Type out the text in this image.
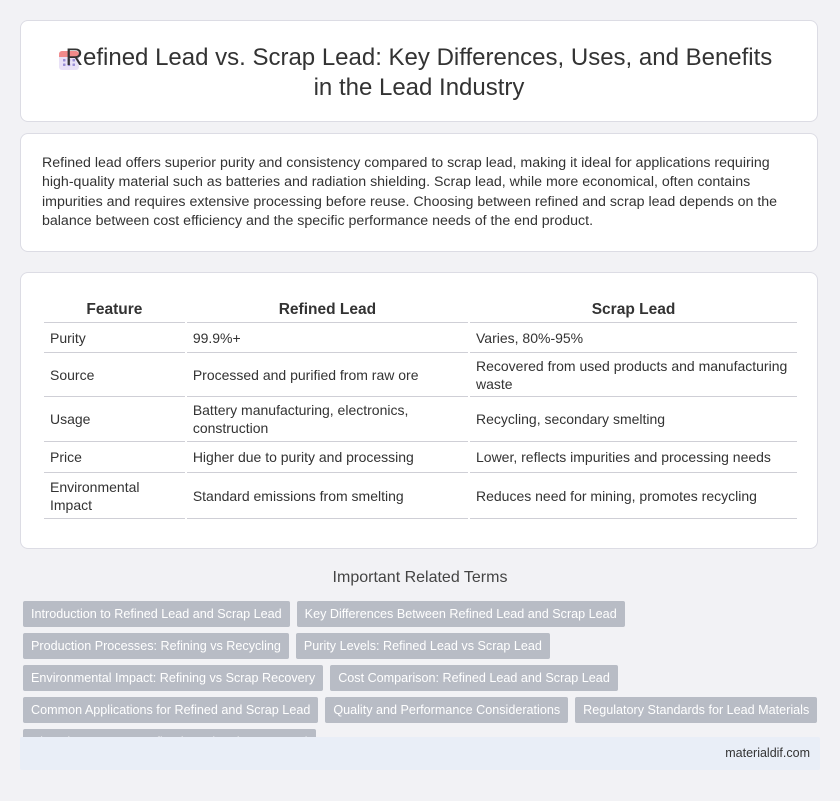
Refined Lead vs. Scrap Lead: Key Differences, Uses, and Benefits
in the Lead Industry
Refined lead offers superior purity and consistency compared to scrap lead, making it ideal for applications requiring high-quality material such as batteries and radiation shielding. Scrap lead, while more economical, often contains impurities and requires extensive processing before reuse. Choosing between refined and scrap lead depends on the balance between cost efficiency and the specific performance needs of the end product.
Feature	Refined Lead	Scrap Lead
Purity	99.9%+	Varies, 80%-95%
Source	Processed and purified from raw ore	Recovered from used products and manufacturing waste
Usage	Battery manufacturing, electronics, construction	Recycling, secondary smelting
Price	Higher due to purity and processing	Lower, reflects impurities and processing needs
Environmental Impact	Standard emissions from smelting	Reduces need for mining, promotes recycling
Important Related Terms
Introduction to Refined Lead and Scrap Lead	Key Differences Between Refined Lead and Scrap Lead
Production Processes: Refining vs Recycling	Purity Levels: Refined Lead vs Scrap Lead
Environmental Impact: Refining vs Scrap Recovery	Cost Comparison: Refined Lead and Scrap Lead
Common Applications for Refined and Scrap Lead	Quality and Performance Considerations	Regulatory Standards for Lead Materials
materialdif.com
